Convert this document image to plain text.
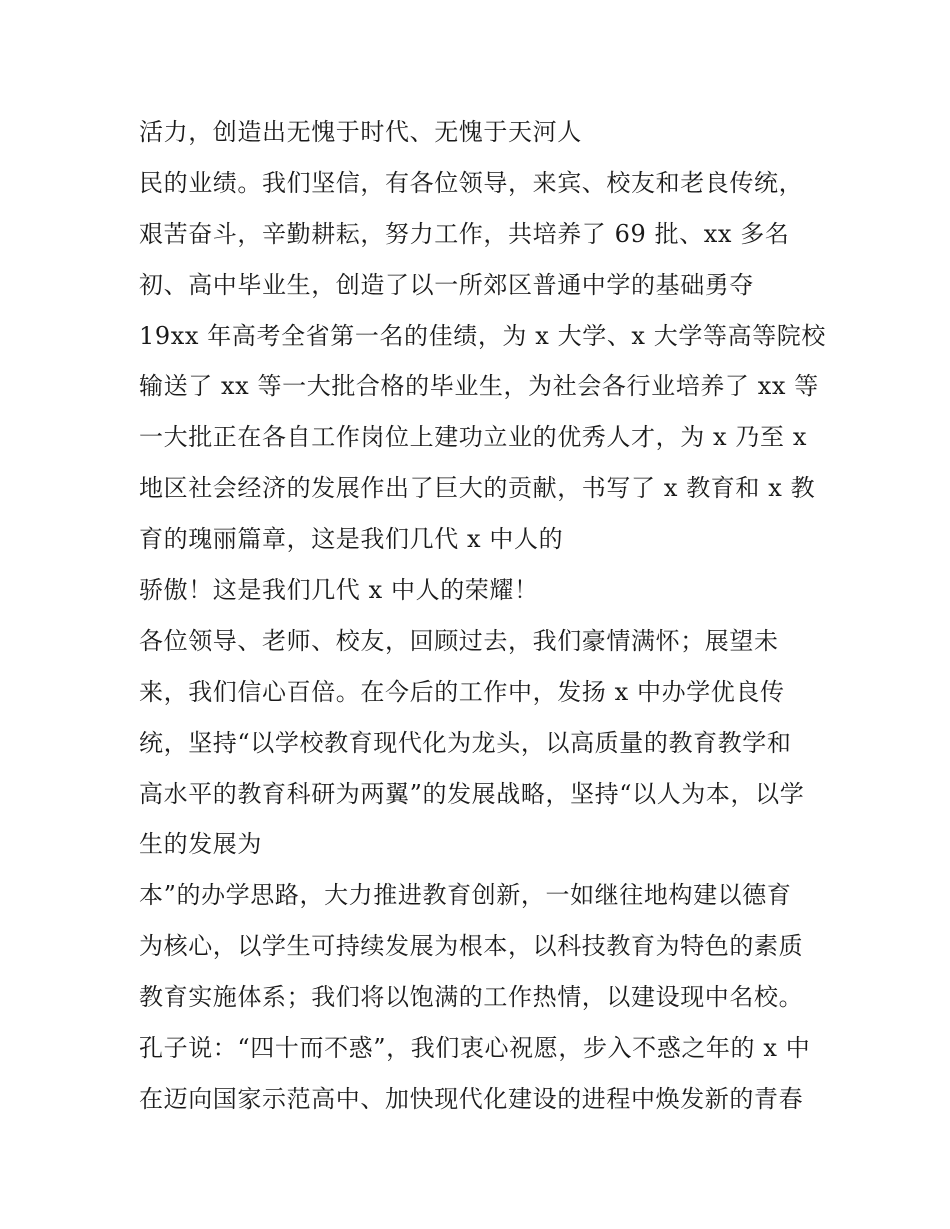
活力，创造出无愧于时代、无愧于天河人
民的业绩。我们坚信，有各位领导，来宾、校友和老良传统，
艰苦奋斗，辛勤耕耘，努力工作，共培养了 69 批、xx 多名
初、高中毕业生，创造了以一所郊区普通中学的基础勇夺
19xx 年高考全省第一名的佳绩，为 x 大学、x 大学等高等院校
输送了 xx 等一大批合格的毕业生，为社会各行业培养了 xx 等
一大批正在各自工作岗位上建功立业的优秀人才，为 x 乃至 x
地区社会经济的发展作出了巨大的贡献，书写了 x 教育和 x 教
育的瑰丽篇章，这是我们几代 x 中人的
骄傲！这是我们几代 x 中人的荣耀！
各位领导、老师、校友，回顾过去，我们豪情满怀；展望未
来，我们信心百倍。在今后的工作中，发扬 x 中办学优良传
统，坚持“以学校教育现代化为龙头，以高质量的教育教学和
高水平的教育科研为两翼”的发展战略，坚持“以人为本，以学
生的发展为
本”的办学思路，大力推进教育创新，一如继往地构建以德育
为核心，以学生可持续发展为根本，以科技教育为特色的素质
教育实施体系；我们将以饱满的工作热情，以建设现中名校。
孔子说：“四十而不惑”，我们衷心祝愿，步入不惑之年的 x 中
在迈向国家示范高中、加快现代化建设的进程中焕发新的青春
